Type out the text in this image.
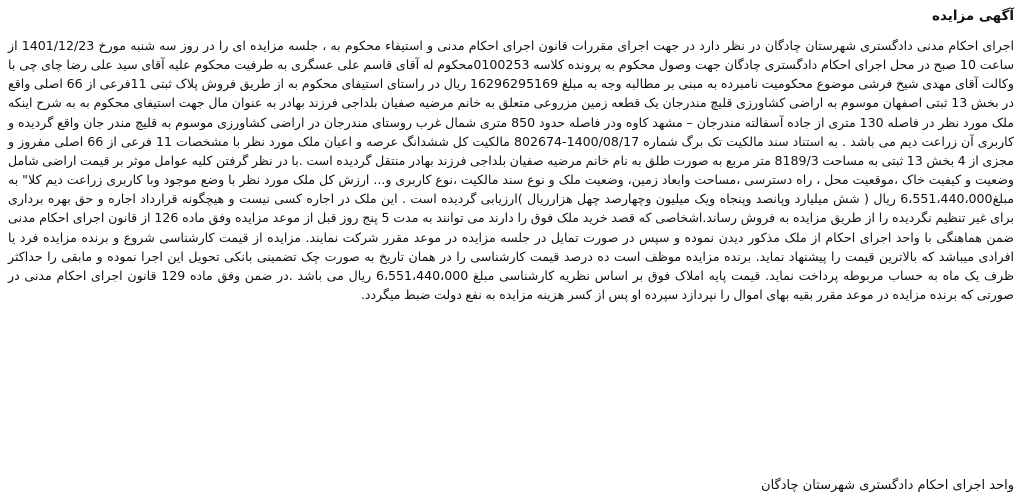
آگهی مزایده

اجرای احکام مدنی دادگستری شهرستان چادگان در نظر دارد در جهت اجرای مقررات قانون اجرای احکام مدنی و استیفاء محکوم به ، جلسه مزایده ای را در روز سه شنبه مورخ 1401/12/23 از ساعت 10 صبح در محل اجرای احکام دادگستری چادگان جهت وصول محکوم به پرونده کلاسه 0100253محکوم له آقای قاسم علی عسگری به طرفیت محکوم علیه آقای سید علی رضا چای چی با وکالت آقای مهدی شیخ فرشی موضوع محکومیت نامبرده به مبنی بر مطالبه وجه به مبلغ 16296295169 ریال در راستای استیفای محکوم به از طریق فروش پلاک ثبتی 11فرعی از 66 اصلی واقع در بخش 13 ثبتی اصفهان موسوم به اراضی کشاورزی قلیچ مندرجان یک قطعه زمین مزروعی متعلق به خانم مرضیه صفیان بلداجی فرزند بهادر به عنوان مال جهت استیفای محکوم به به شرح اینکه ملک مورد نظر در فاصله 130 متری از جاده آسفالته مندرجان – مشهد کاوه ودر فاصله حدود 850 متری شمال غرب روستای مندرجان در اراضی کشاورزی موسوم به قلیچ مندر جان واقع گردیده و کاربری آن زراعت دیم می باشد . به استناد سند مالکیت تک برگ شماره 1400/08/17-802674 مالکیت کل ششدانگ عرصه و اعیان ملک مورد نظر با مشخصات 11 فرعی از 66 اصلی مفروز و مجزی از 4 بخش 13 ثبتی به مساحت 8189/3 متر مربع به صورت طلق به نام خانم مرضیه صفیان بلداجی فرزند بهادر منتقل گردیده است .با در نظر گرفتن کلیه عوامل موثر بر قیمت اراضی شامل وضعیت و کیفیت خاک ،موقعیت محل ، راه دسترسی ،مساحت وابعاد زمین، وضعیت ملک و نوع سند مالکیت ،نوع کاربری و... ارزش کل ملک مورد نظر با وضع موجود وبا کاربری زراعت دیم کلا" به مبلغ6،551،440،000 ریال ( شش میلیارد وپانصد وپنجاه ویک میلیون وچهارصد چهل هزارریال )ارزیابی گردیده است . این ملک در اجاره کسی نیست و هیچگونه قرارداد اجاره و حق بهره برداری برای غیر تنظیم نگردیده را از طریق مزایده به فروش رساند.اشخاصی که قصد خرید ملک فوق را دارند می توانند به مدت 5 پنج روز قبل از موعد مزایده وفق ماده 126 از قانون اجرای احکام مدنی ضمن هماهنگی با واحد اجرای احکام از ملک مذکور دیدن نموده و سپس در صورت تمایل در جلسه مزایده در موعد مقرر شرکت نمایند. مزایده از قیمت کارشناسی شروع و برنده مزایده فرد یا افرادی میباشد که بالاترین قیمت را پیشنهاد نماید. برنده مزایده موظف است ده درصد قیمت کارشناسی را در همان تاریخ به صورت چک تضمینی بانکی تحویل این اجرا نموده و مابقی را حداکثر ظرف یک ماه به حساب مربوطه پرداخت نماید. قیمت پایه املاک فوق بر اساس نظریه کارشناسی مبلغ 6،551،440،000 ریال می باشد .در ضمن وفق ماده 129 قانون اجرای احکام مدنی در صورتی که برنده مزایده در موعد مقرر بقیه بهای اموال را نپردازد سپرده او پس از کسر هزینه مزایده به نفع دولت ضبط میگردد.

واحد اجرای احکام دادگستری شهرستان چادگان
